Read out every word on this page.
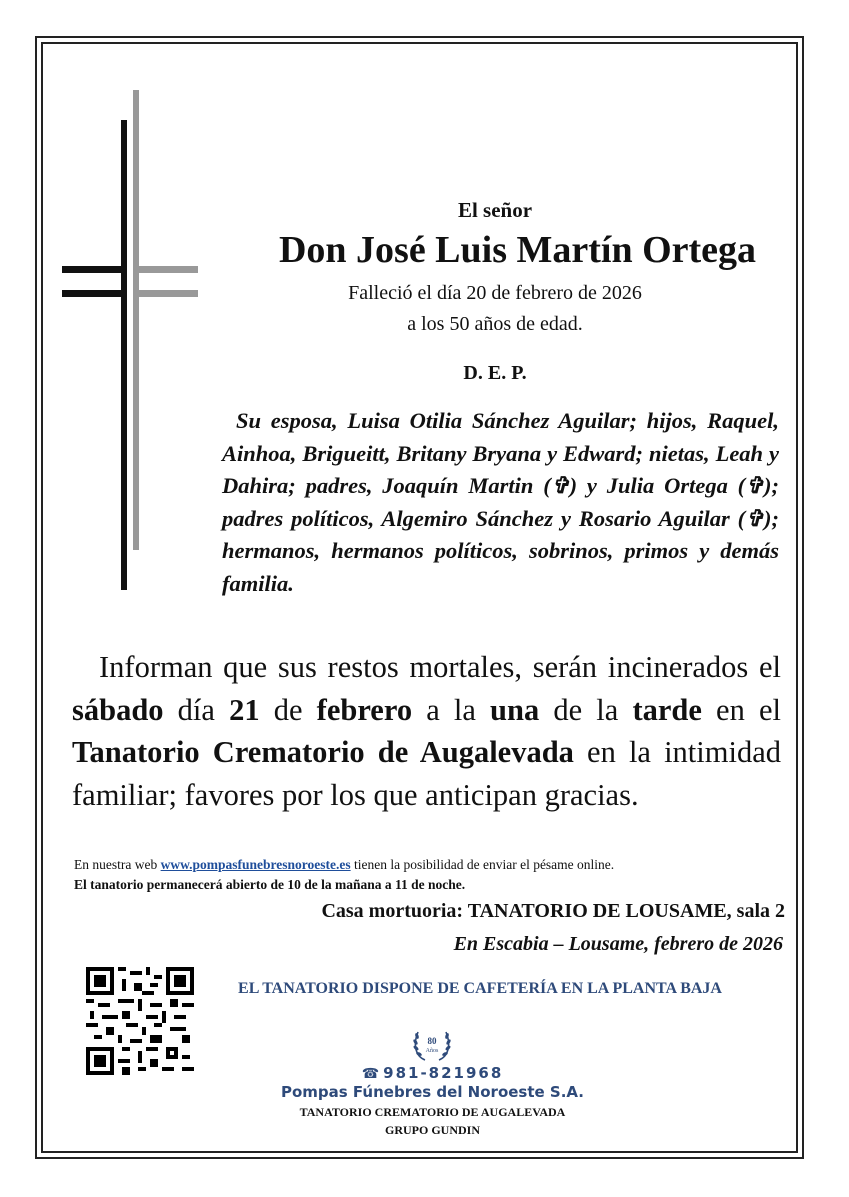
El señor
Don José Luis Martín Ortega
Falleció el día 20 de febrero de 2026
a los 50 años de edad.
D. E. P.
Su esposa, Luisa Otilia Sánchez Aguilar; hijos, Raquel, Ainhoa, Brigueitt, Britany Bryana y Edward; nietas, Leah y Dahira; padres, Joaquín Martin (✞) y Julia Ortega (✞); padres políticos, Algemiro Sánchez y Rosario Aguilar (✞); hermanos, hermanos políticos, sobrinos, primos y demás familia.
Informan que sus restos mortales, serán incinerados el sábado día 21 de febrero a la una de la tarde en el Tanatorio Crematorio de Augalevada en la intimidad familiar; favores por los que anticipan gracias.
En nuestra web www.pompasfunebresnoroeste.es tienen la posibilidad de enviar el pésame online.
El tanatorio permanecerá abierto de 10 de la mañana a 11 de noche.
Casa mortuoria: TANATORIO DE LOUSAME, sala 2
En Escabia – Lousame, febrero de 2026
EL TANATORIO DISPONE DE CAFETERÍA EN LA PLANTA BAJA
80
Años
☎ 981-821968
Pompas Fúnebres del Noroeste S.A.
TANATORIO CREMATORIO DE AUGALEVADA
GRUPO GUNDIN
